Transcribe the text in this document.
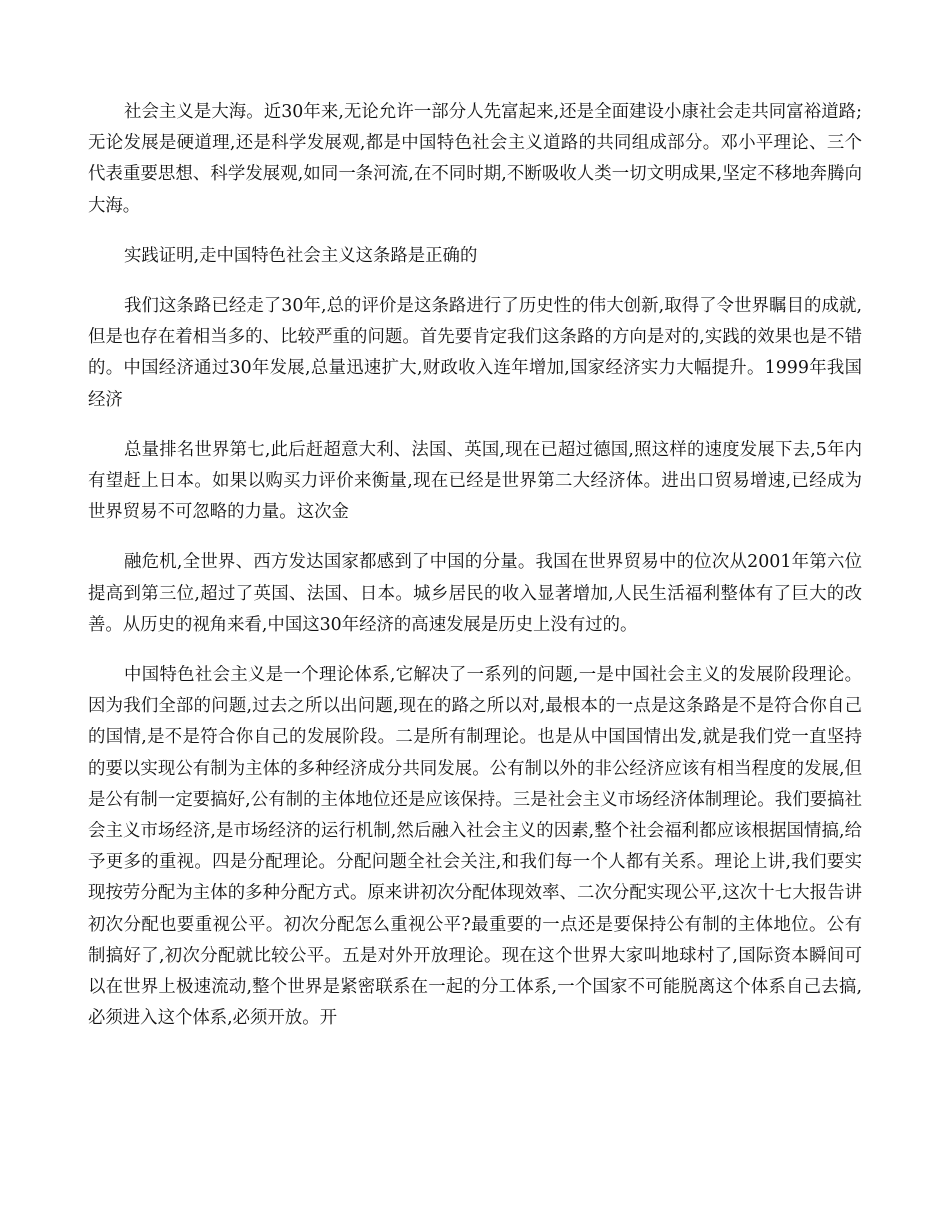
社会主义是大海。近30年来,无论允许一部分人先富起来,还是全面建设小康社会走共同富裕道路;无论发展是硬道理,还是科学发展观,都是中国特色社会主义道路的共同组成部分。邓小平理论、三个代表重要思想、科学发展观,如同一条河流,在不同时期,不断吸收人类一切文明成果,坚定不移地奔腾向大海。

实践证明,走中国特色社会主义这条路是正确的

我们这条路已经走了30年,总的评价是这条路进行了历史性的伟大创新,取得了令世界瞩目的成就,但是也存在着相当多的、比较严重的问题。首先要肯定我们这条路的方向是对的,实践的效果也是不错的。中国经济通过30年发展,总量迅速扩大,财政收入连年增加,国家经济实力大幅提升。1999年我国经济

总量排名世界第七,此后赶超意大利、法国、英国,现在已超过德国,照这样的速度发展下去,5年内有望赶上日本。如果以购买力评价来衡量,现在已经是世界第二大经济体。进出口贸易增速,已经成为世界贸易不可忽略的力量。这次金

融危机,全世界、西方发达国家都感到了中国的分量。我国在世界贸易中的位次从2001年第六位提高到第三位,超过了英国、法国、日本。城乡居民的收入显著增加,人民生活福利整体有了巨大的改善。从历史的视角来看,中国这30年经济的高速发展是历史上没有过的。

中国特色社会主义是一个理论体系,它解决了一系列的问题,一是中国社会主义的发展阶段理论。因为我们全部的问题,过去之所以出问题,现在的路之所以对,最根本的一点是这条路是不是符合你自己的国情,是不是符合你自己的发展阶段。二是所有制理论。也是从中国国情出发,就是我们党一直坚持的要以实现公有制为主体的多种经济成分共同发展。公有制以外的非公经济应该有相当程度的发展,但是公有制一定要搞好,公有制的主体地位还是应该保持。三是社会主义市场经济体制理论。我们要搞社会主义市场经济,是市场经济的运行机制,然后融入社会主义的因素,整个社会福利都应该根据国情搞,给予更多的重视。四是分配理论。分配问题全社会关注,和我们每一个人都有关系。理论上讲,我们要实现按劳分配为主体的多种分配方式。原来讲初次分配体现效率、二次分配实现公平,这次十七大报告讲初次分配也要重视公平。初次分配怎么重视公平?最重要的一点还是要保持公有制的主体地位。公有制搞好了,初次分配就比较公平。五是对外开放理论。现在这个世界大家叫地球村了,国际资本瞬间可以在世界上极速流动,整个世界是紧密联系在一起的分工体系,一个国家不可能脱离这个体系自己去搞,必须进入这个体系,必须开放。开
